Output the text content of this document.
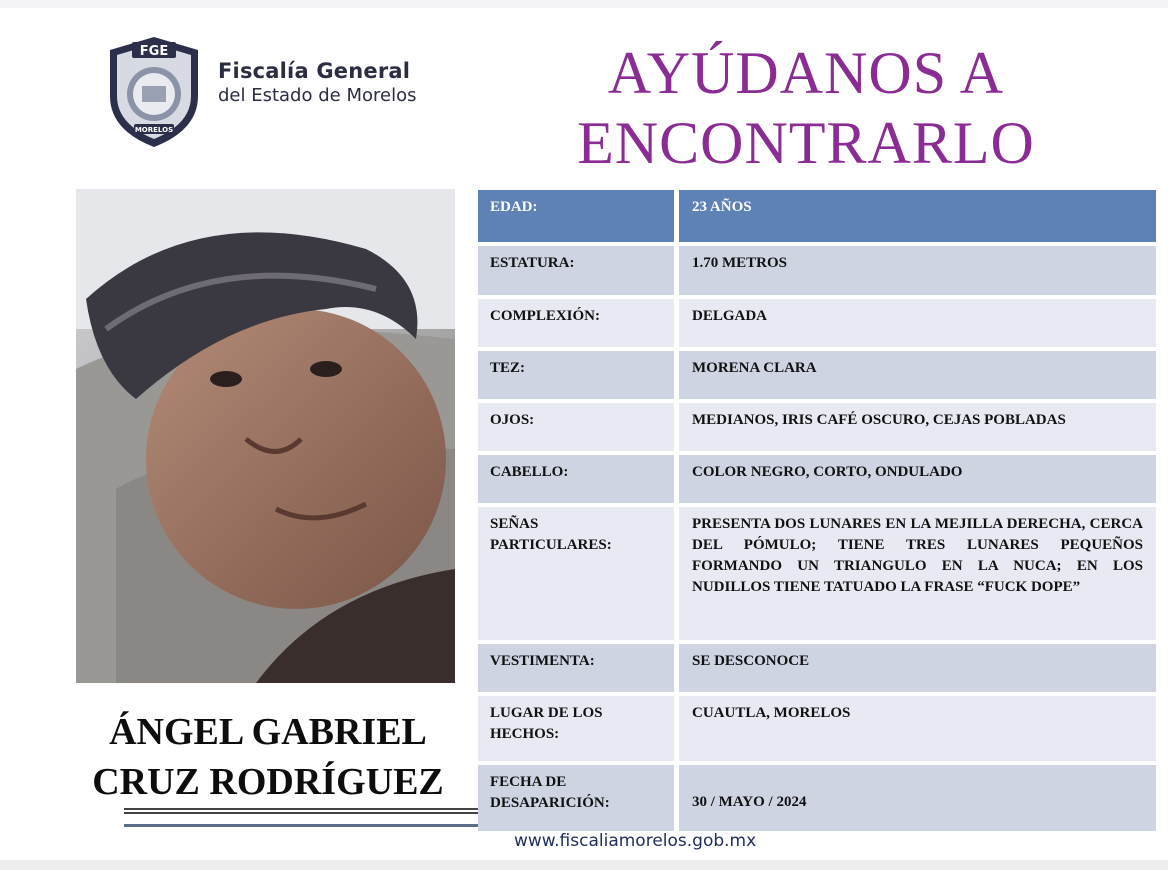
FGE
MORELOS
Fiscalía General
del Estado de Morelos	AYÚDANOS A
ENCONTRARLO
ÁNGEL GABRIEL
CRUZ RODRÍGUEZ
EDAD:	23 AÑOS
ESTATURA:	1.70 METROS
COMPLEXIÓN:	DELGADA
TEZ:	MORENA CLARA
OJOS:	MEDIANOS, IRIS CAFÉ OSCURO, CEJAS POBLADAS
CABELLO:	COLOR NEGRO, CORTO, ONDULADO
SEÑAS PARTICULARES:
PRESENTA DOS LUNARES EN LA MEJILLA DERECHA, CERCA DEL PÓMULO; TIENE TRES LUNARES PEQUEÑOS FORMANDO UN TRIANGULO EN LA NUCA; EN LOS NUDILLOS TIENE TATUADO LA FRASE “FUCK DOPE”
VESTIMENTA:	SE DESCONOCE
LUGAR DE LOS HECHOS:
CUAUTLA, MORELOS
FECHA DE DESAPARICIÓN:	30 / MAYO / 2024
www.fiscaliamorelos.gob.mx
